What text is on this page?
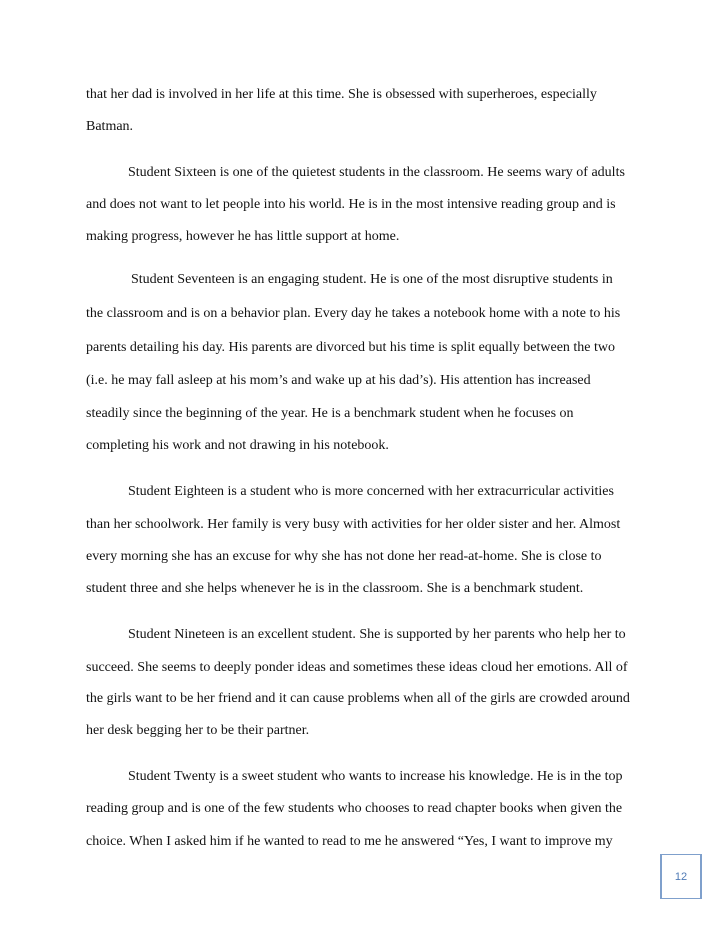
that her dad is involved in her life at this time. She is obsessed with superheroes, especially

Batman.

Student Sixteen is one of the quietest students in the classroom. He seems wary of adults

and does not want to let people into his world. He is in the most intensive reading group and is

making progress, however he has little support at home.

Student Seventeen is an engaging student. He is one of the most disruptive students in

the classroom and is on a behavior plan. Every day he takes a notebook home with a note to his

parents detailing his day. His parents are divorced but his time is split equally between the two

(i.e. he may fall asleep at his mom’s and wake up at his dad’s). His attention has increased

steadily since the beginning of the year. He is a benchmark student when he focuses on

completing his work and not drawing in his notebook.

Student Eighteen is a student who is more concerned with her extracurricular activities

than her schoolwork. Her family is very busy with activities for her older sister and her. Almost

every morning she has an excuse for why she has not done her read-at-home. She is close to

student three and she helps whenever he is in the classroom. She is a benchmark student.

Student Nineteen is an excellent student. She is supported by her parents who help her to

succeed. She seems to deeply ponder ideas and sometimes these ideas cloud her emotions. All of

the girls want to be her friend and it can cause problems when all of the girls are crowded around

her desk begging her to be their partner.

Student Twenty is a sweet student who wants to increase his knowledge. He is in the top

reading group and is one of the few students who chooses to read chapter books when given the

choice. When I asked him if he wanted to read to me he answered “Yes, I want to improve my

12
